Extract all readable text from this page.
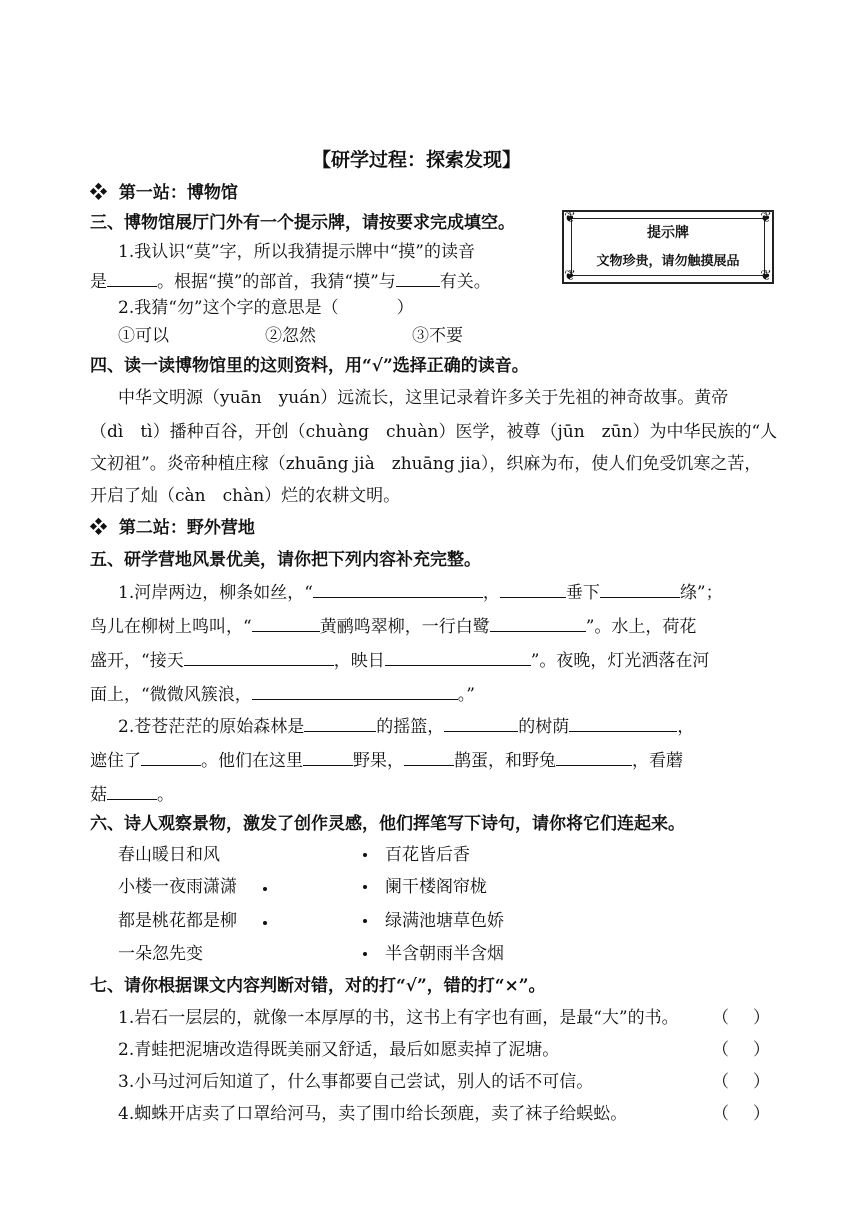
【研学过程：探索发现】
❖ 第一站：博物馆
三、博物馆展厅门外有一个提示牌，请按要求完成填空。
1.我认识“莫”字，所以我猜提示牌中“摸”的读音
是	。根据“摸”的部首，我猜“摸”与	有关。
2.我猜“勿”这个字的意思是（	）
①可以	②忽然	③不要
❦	❦
❦	❦
提示牌
文物珍贵，请勿触摸展品
四、读一读博物馆里的这则资料，用“√”选择正确的读音。
中华文明源（yuān　yuán）远流长，这里记录着许多关于先祖的神奇故事。黄帝
（dì　tì）播种百谷，开创（chuàng　chuàn）医学，被尊（jūn　zūn）为中华民族的“人
文初祖”。炎帝种植庄稼（zhuāng jià　zhuāng jia），织麻为布，使人们免受饥寒之苦，
开启了灿（càn　chàn）烂的农耕文明。
❖ 第二站：野外营地
五、研学营地风景优美，请你把下列内容补充完整。
1.河岸两边，柳条如丝，“	，	垂下	绦”；
鸟儿在柳树上鸣叫，“	黄鹂鸣翠柳，一行白鹭	”。水上，荷花
盛开，“接天	，映日	”。夜晚，灯光洒落在河
面上，“微微风簇浪，	。”
2.苍苍茫茫的原始森林是	的摇篮，	的树荫	，
遮住了	。他们在这里	野果，	鹊蛋，和野兔	，看蘑
菇	。
六、诗人观察景物，激发了创作灵感，他们挥笔写下诗句，请你将它们连起来。
春山暖日和风
小楼一夜雨潇潇
都是桃花都是柳
一朵忽先变
百花皆后香
阑干楼阁帘栊
绿满池塘草色娇
半含朝雨半含烟
七、请你根据课文内容判断对错，对的打“√”，错的打“×”。
1.岩石一层层的，就像一本厚厚的书，这书上有字也有画，是最“大”的书。 （ ）
2.青蛙把泥塘改造得既美丽又舒适，最后如愿卖掉了泥塘。	（ ）
3.小马过河后知道了，什么事都要自己尝试，别人的话不可信。	（ ）
4.蜘蛛开店卖了口罩给河马，卖了围巾给长颈鹿，卖了袜子给蜈蚣。	（ ）
